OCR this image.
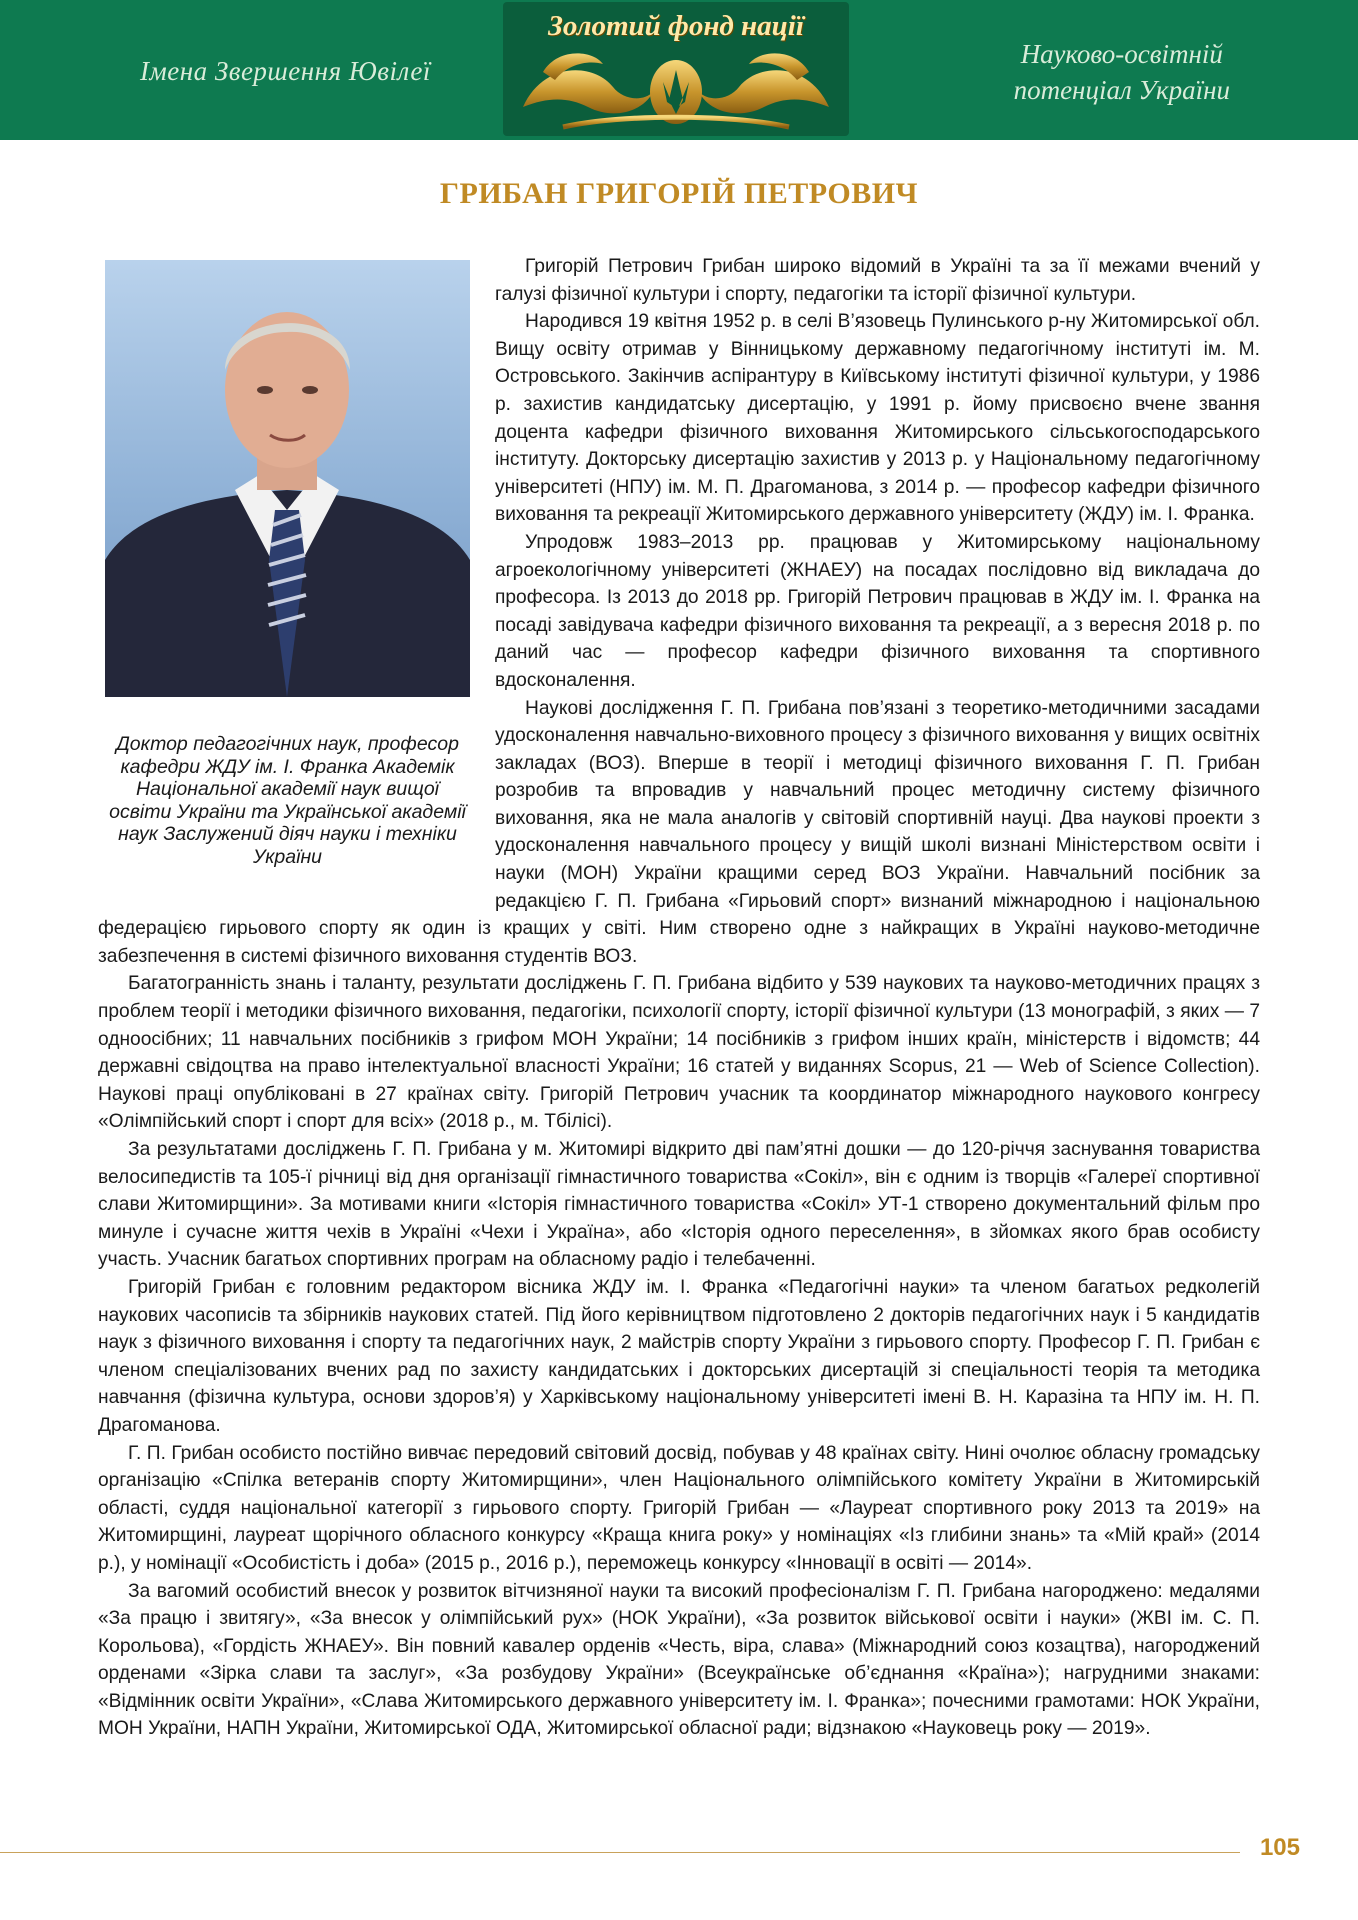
Імена Звершення Ювілеї
Золотий фонд нації
Науково-освітній
потенціал України
ГРИБАН ГРИГОРІЙ ПЕТРОВИЧ
Доктор педагогічних наук, професор кафедри ЖДУ ім. І. Франка Академік Національної академії наук вищої освіти України та Української академії наук Заслужений діяч науки і техніки України

Григорій Петрович Грибан широко відомий в Україні та за її межами вчений у галузі фізичної культури і спорту, педагогіки та історії фізичної культури.

Народився 19 квітня 1952 р. в селі В’язовець Пулинського р-ну Житомирської обл. Вищу освіту отримав у Вінницькому державному педагогічному інституті ім. М. Островського. Закінчив аспірантуру в Київському інституті фізичної культури, у 1986 р. захистив кандидатську дисертацію, у 1991 р. йому присвоєно вчене звання доцента кафедри фізичного виховання Житомирського сільськогосподарського інституту. Докторську дисертацію захистив у 2013 р. у Національному педагогічному університеті (НПУ) ім. М. П. Драгоманова, з 2014 р. — професор кафедри фізичного виховання та рекреації Житомирського державного університету (ЖДУ) ім. І. Франка.

Упродовж 1983–2013 рр. працював у Житомирському національному агроекологічному університеті (ЖНАЕУ) на посадах послідовно від викладача до професора. Із 2013 до 2018 рр. Григорій Петрович працював в ЖДУ ім. І. Франка на посаді завідувача кафедри фізичного виховання та рекреації, а з вересня 2018 р. по даний час — професор кафедри фізичного виховання та спортивного вдосконалення.

Наукові дослідження Г. П. Грибана пов’язані з теоретико-методичними засадами удосконалення навчально-виховного процесу з фізичного виховання у вищих освітніх закладах (ВОЗ). Вперше в теорії і методиці фізичного виховання Г. П. Грибан розробив та впровадив у навчальний процес методичну систему фізичного виховання, яка не мала аналогів у світовій спортивній науці. Два наукові проекти з удосконалення навчального процесу у вищій школі визнані Міністерством освіти і науки (МОН) України кращими серед ВОЗ України. Навчальний посібник за редакцією Г. П. Грибана «Гирьовий спорт» визнаний міжнародною і національною федерацією гирьового спорту як один із кращих у світі. Ним створено одне з найкращих в Україні науково-методичне забезпечення в системі фізичного виховання студентів ВОЗ.

Багатогранність знань і таланту, результати досліджень Г. П. Грибана відбито у 539 наукових та науково-методичних працях з проблем теорії і методики фізичного виховання, педагогіки, психології спорту, історії фізичної культури (13 монографій, з яких — 7 одноосібних; 11 навчальних посібників з грифом МОН України; 14 посібників з грифом інших країн, міністерств і відомств; 44 державні свідоцтва на право інтелектуальної власності України; 16 статей у виданнях Scopus, 21 — Web of Science Collection). Наукові праці опубліковані в 27 країнах світу. Григорій Петрович учасник та координатор міжнародного наукового конгресу «Олімпійський спорт і спорт для всіх» (2018 р., м. Тбілісі).

За результатами досліджень Г. П. Грибана у м. Житомирі відкрито дві пам’ятні дошки — до 120-річчя заснування товариства велосипедистів та 105-ї річниці від дня організації гімнастичного товариства «Сокіл», він є одним із творців «Галереї спортивної слави Житомирщини». За мотивами книги «Історія гімнастичного товариства «Сокіл» УТ-1 створено документальний фільм про минуле і сучасне життя чехів в Україні «Чехи і Україна», або «Історія одного переселення», в зйомках якого брав особисту участь. Учасник багатьох спортивних програм на обласному радіо і телебаченні.

Григорій Грибан є головним редактором вісника ЖДУ ім. І. Франка «Педагогічні науки» та членом багатьох редколегій наукових часописів та збірників наукових статей. Під його керівництвом підготовлено 2 докторів педагогічних наук і 5 кандидатів наук з фізичного виховання і спорту та педагогічних наук, 2 майстрів спорту України з гирьового спорту. Професор Г. П. Грибан є членом спеціалізованих вчених рад по захисту кандидатських і докторських дисертацій зі спеціальності теорія та методика навчання (фізична культура, основи здоров’я) у Харківському національному університеті імені В. Н. Каразіна та НПУ ім. Н. П. Драгоманова.

Г. П. Грибан особисто постійно вивчає передовий світовий досвід, побував у 48 країнах світу. Нині очолює обласну громадську організацію «Спілка ветеранів спорту Житомирщини», член Національного олімпійського комітету України в Житомирській області, суддя національної категорії з гирьового спорту. Григорій Грибан — «Лауреат спортивного року 2013 та 2019» на Житомирщині, лауреат щорічного обласного конкурсу «Краща книга року» у номінаціях «Із глибини знань» та «Мій край» (2014 р.), у номінації «Особистість і доба» (2015 р., 2016 р.), переможець конкурсу «Інновації в освіті — 2014».

За вагомий особистий внесок у розвиток вітчизняної науки та високий професіоналізм Г. П. Грибана нагороджено: медалями «За працю і звитягу», «За внесок у олімпійський рух» (НОК України), «За розвиток військової освіти і науки» (ЖВІ ім. С. П. Корольова), «Гордість ЖНАЕУ». Він повний кавалер орденів «Честь, віра, слава» (Міжнародний союз козацтва), нагороджений орденами «Зірка слави та заслуг», «За розбудову України» (Всеукраїнське об’єднання «Країна»); нагрудними знаками: «Відмінник освіти України», «Слава Житомирського державного університету ім. І. Франка»; почесними грамотами: НОК України, МОН України, НАПН України, Житомирської ОДА, Житомирської обласної ради; відзнакою «Науковець року — 2019».

105
